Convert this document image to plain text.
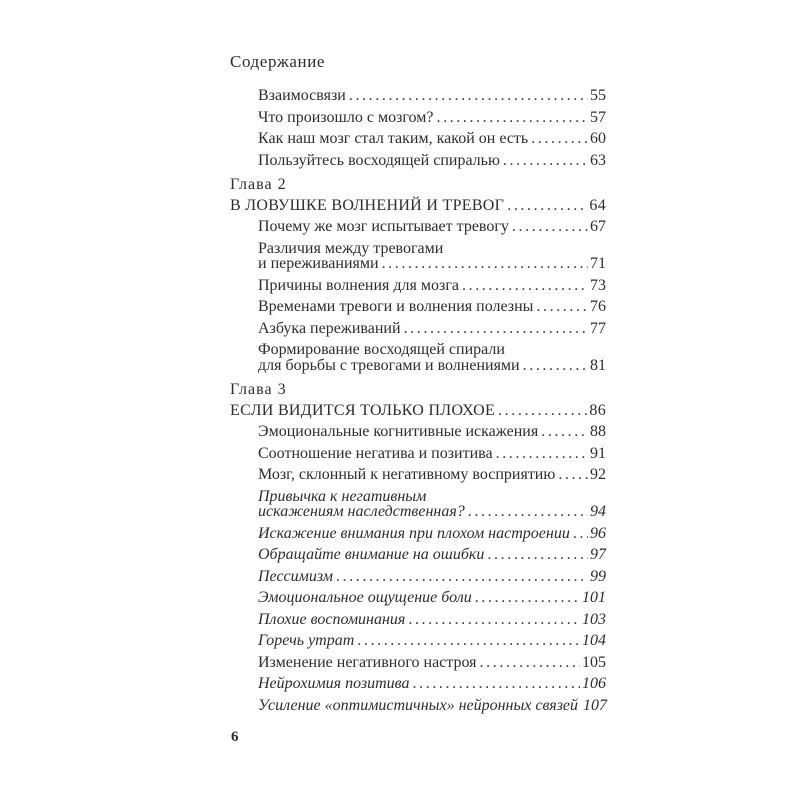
Содержание
Взаимосвязи .....	55
Что произошло с мозгом? .....	57
Как наш мозг стал таким, какой он есть .....	60
Пользуйтесь восходящей спиралью .....	63
Глава 2
В ЛОВУШКЕ ВОЛНЕНИЙ И ТРЕВОГ .....	64
Почему же мозг испытывает тревогу .....	67
Различия между тревогами
и переживаниями .....	71
Причины волнения для мозга .....	73
Временами тревоги и волнения полезны .....	76
Азбука переживаний .....	77
Формирование восходящей спирали
для борьбы с тревогами и волнениями .....	81
Глава 3
ЕСЛИ ВИДИТСЯ ТОЛЬКО ПЛОХОЕ .....	86
Эмоциональные когнитивные искажения .....	88
Соотношение негатива и позитива .....	91
Мозг, склонный к негативному восприятию ..... 92
Привычка к негативным
искажениям наследственная? .....	94
Искажение внимания при плохом настроении ..... 96
Обращайте внимание на ошибки .....	97
Пессимизм .....	99
Эмоциональное ощущение боли .....	101
Плохие воспоминания .....	103
Горечь утрат .....	104
Изменение негативного настроя .....	105
Нейрохимия позитива .....	106
Усиление «оптимистичных» нейронных связей ..... 107
6
